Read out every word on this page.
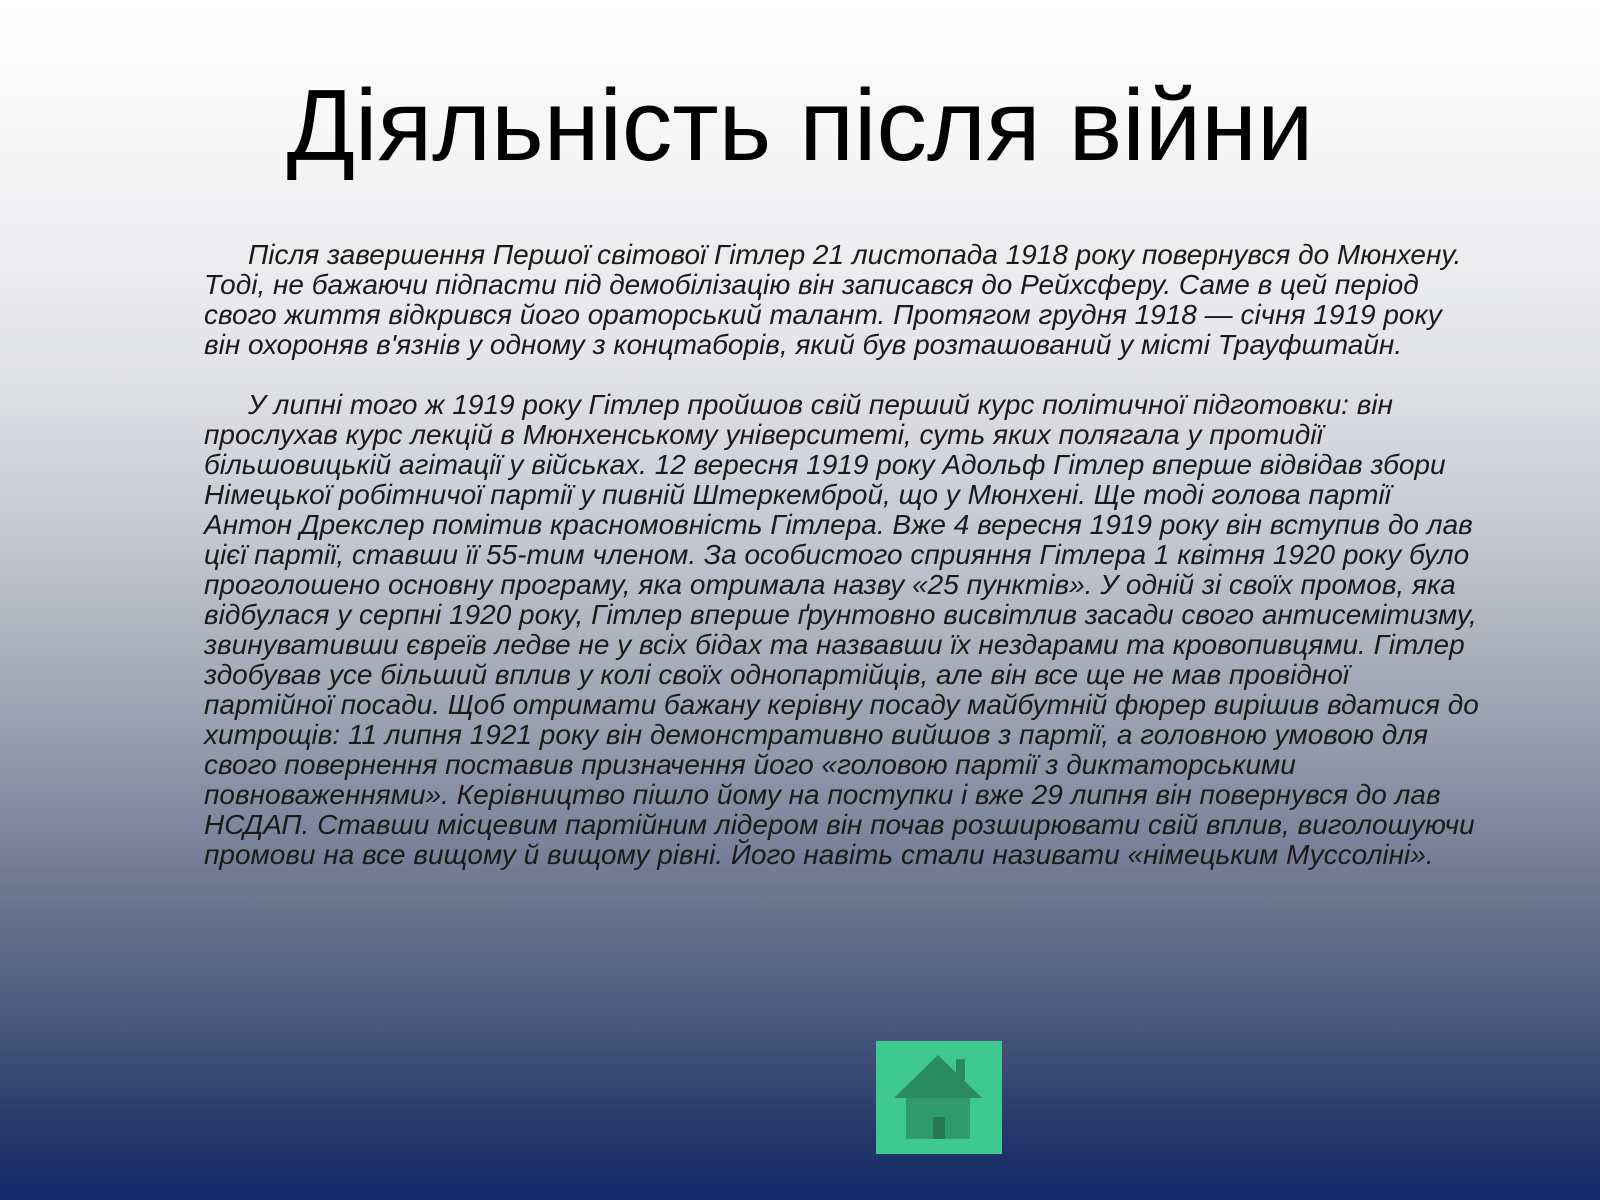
Діяльність після війни

Після завершення Першої світової Гітлер 21 листопада 1918 року повернувся до Мюнхену. Тоді, не бажаючи підпасти під демобілізацію він записався до Рейхсферу. Саме в цей період свого життя відкрився його ораторський талант. Протягом грудня 1918 — січня 1919 року він охороняв в'язнів у одному з концтаборів, який був розташований у місті Трауфштайн.

У липні того ж 1919 року Гітлер пройшов свій перший курс політичної підготовки: він прослухав курс лекцій в Мюнхенському університеті, суть яких полягала у протидії більшовицькій агітації у військах. 12 вересня 1919 року Адольф Гітлер вперше відвідав збори Німецької робітничої партії у пивній Штеркемброй, що у Мюнхені. Ще тоді голова партії Антон Дрекслер помітив красномовність Гітлера. Вже 4 вересня 1919 року він вступив до лав цієї партії, ставши її 55-тим членом. За особистого сприяння Гітлера 1 квітня 1920 року було проголошено основну програму, яка отримала назву «25 пунктів». У одній зі своїх промов, яка відбулася у серпні 1920 року, Гітлер вперше ґрунтовно висвітлив засади свого антисемітизму, звинувативши євреїв ледве не у всіх бідах та назвавши їх нездарами та кровопивцями. Гітлер здобував усе більший вплив у колі своїх однопартійців, але він все ще не мав провідної партійної посади. Щоб отримати бажану керівну посаду майбутній фюрер вирішив вдатися до хитрощів: 11 липня 1921 року він демонстративно вийшов з партії, а головною умовою для свого повернення поставив призначення його «головою партії з диктаторськими повноваженнями». Керівництво пішло йому на поступки і вже 29 липня він повернувся до лав НСДАП. Ставши місцевим партійним лідером він почав розширювати свій вплив, виголошуючи промови на все вищому й вищому рівні. Його навіть стали називати «німецьким Муссоліні».
